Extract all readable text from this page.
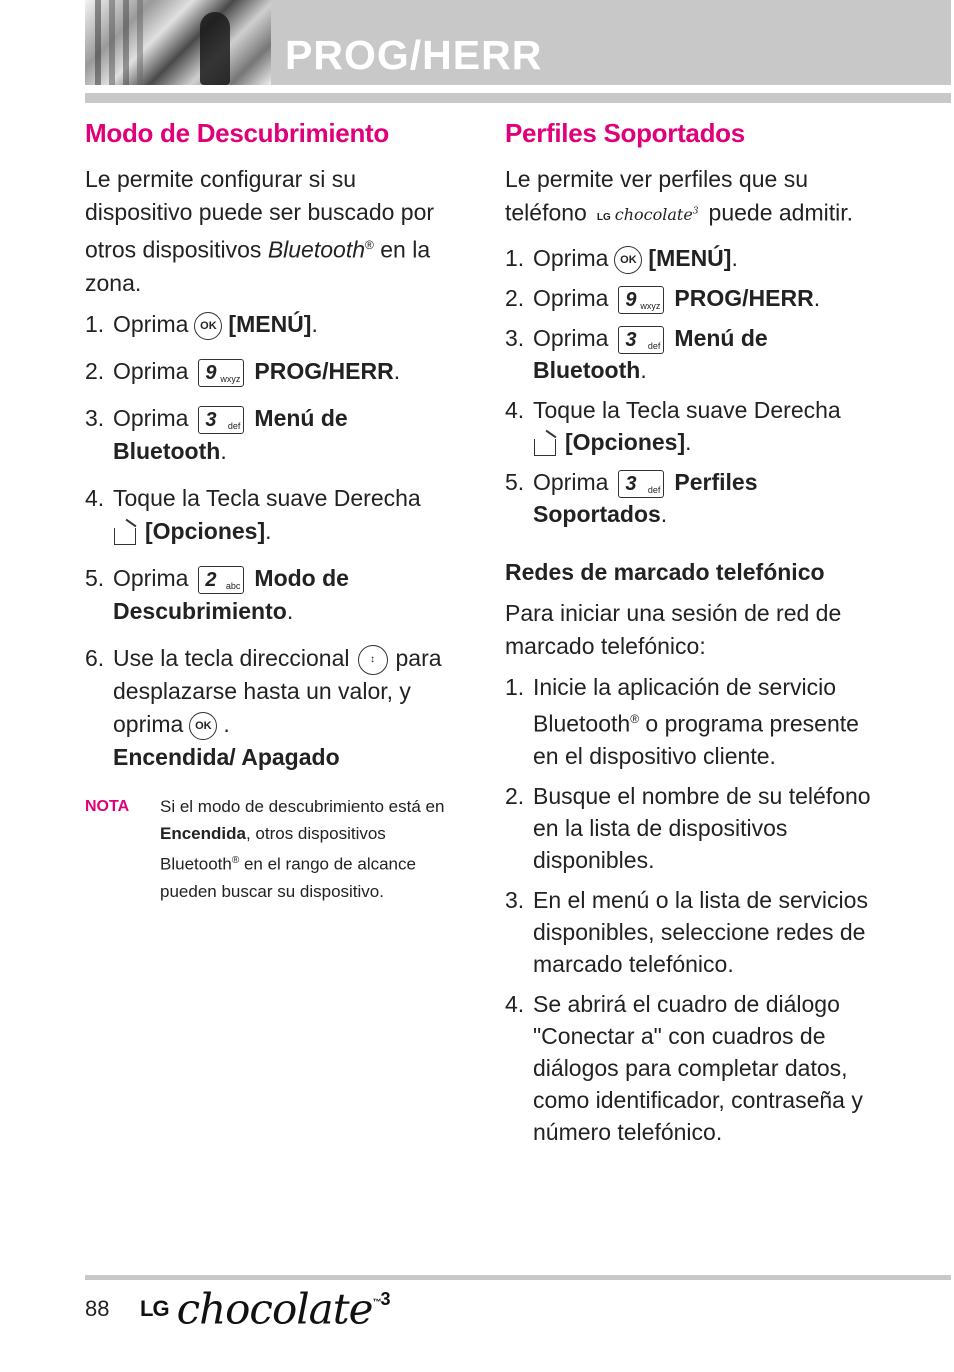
PROG/HERR
Modo de Descubrimiento

Le permite configurar si su dispositivo puede ser buscado por otros dispositivos Bluetooth® en la zona.

1. Oprima OK [MENÚ].
2. Oprima 9 wxyz PROG/HERR.
3. Oprima 3 def Menú de Bluetooth.
4. Toque la Tecla suave Derecha
[Opciones].
5. Oprima 2 abc Modo de Descubrimiento.
6. Use la tecla direccional ↕ para desplazarse hasta un valor, y oprima OK .
Encendida/ Apagado
NOTA Si el modo de descubrimiento está en Encendida, otros dispositivos Bluetooth® en el rango de alcance pueden buscar su dispositivo.
Perfiles Soportados

Le permite ver perfiles que su teléfono LG chocolate$^3$ puede admitir.

1. Oprima OK [MENÚ].
2. Oprima 9 wxyz PROG/HERR.
3. Oprima 3 def Menú de Bluetooth.
4. Toque la Tecla suave Derecha
[Opciones].
5. Oprima 3 def Perfiles Soportados.
Redes de marcado telefónico

Para iniciar una sesión de red de marcado telefónico:

1. Inicie la aplicación de servicio Bluetooth® o programa presente en el dispositivo cliente.
2. Busque el nombre de su teléfono en la lista de dispositivos disponibles.
3. En el menú o la lista de servicios disponibles, seleccione redes de marcado telefónico.
4. Se abrirá el cuadro de diálogo "Conectar a" con cuadros de diálogos para completar datos, como identificador, contraseña y número telefónico.
88 LG chocolate$^{™3}$
